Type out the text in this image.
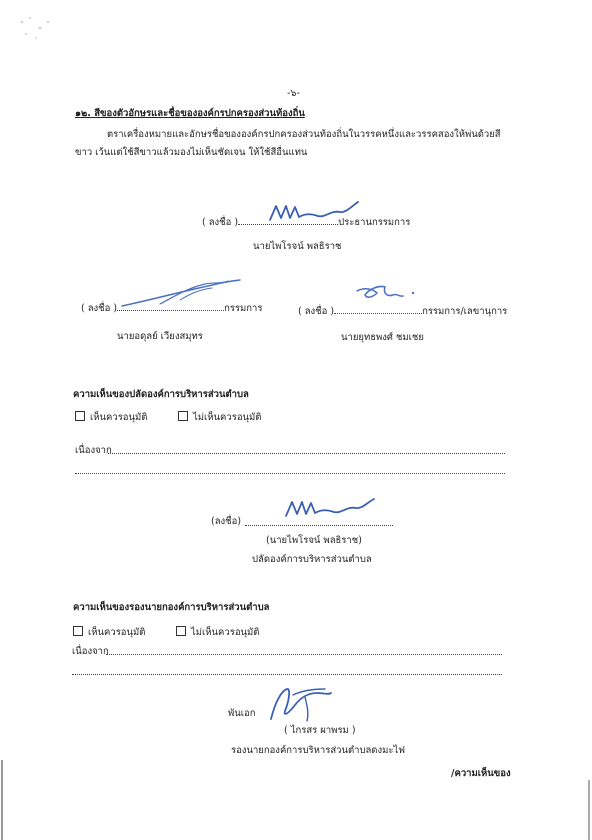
-๖-
๑๒. สีของตัวอักษรและชื่อขององค์กรปกครองส่วนท้องถิ่น
ตราเครื่องหมายและอักษรชื่อขององค์กรปกครองส่วนท้องถิ่นในวรรคหนึ่งและวรรคสองให้พ่นด้วยสี
ขาว เว้นแต่ใช้สีขาวแล้วมองไม่เห็นชัดเจน ให้ใช้สีอื่นแทน
( ลงชื่อ )	ประธานกรรมการ
นายไพโรจน์ พลธิราช
( ลงชื่อ )	กรรมการ
นายอดุลย์ เวียงสมุทร
( ลงชื่อ )	กรรมการ/เลขานุการ
นายยุทธพงศ์ ชมเชย
ความเห็นของปลัดองค์การบริหารส่วนตำบล
เห็นควรอนุมัติ	ไม่เห็นควรอนุมัติ
เนื่องจาก
(ลงชื่อ)
(นายไพโรจน์ พลธิราช)
ปลัดองค์การบริหารส่วนตำบล
ความเห็นของรองนายกองค์การบริหารส่วนตำบล
เห็นควรอนุมัติ	ไม่เห็นควรอนุมัติ
เนื่องจาก
พันเอก
( ไกรสร ผาพรม )
รองนายกองค์การบริหารส่วนตำบลดงมะไฟ
/ความเห็นของ
